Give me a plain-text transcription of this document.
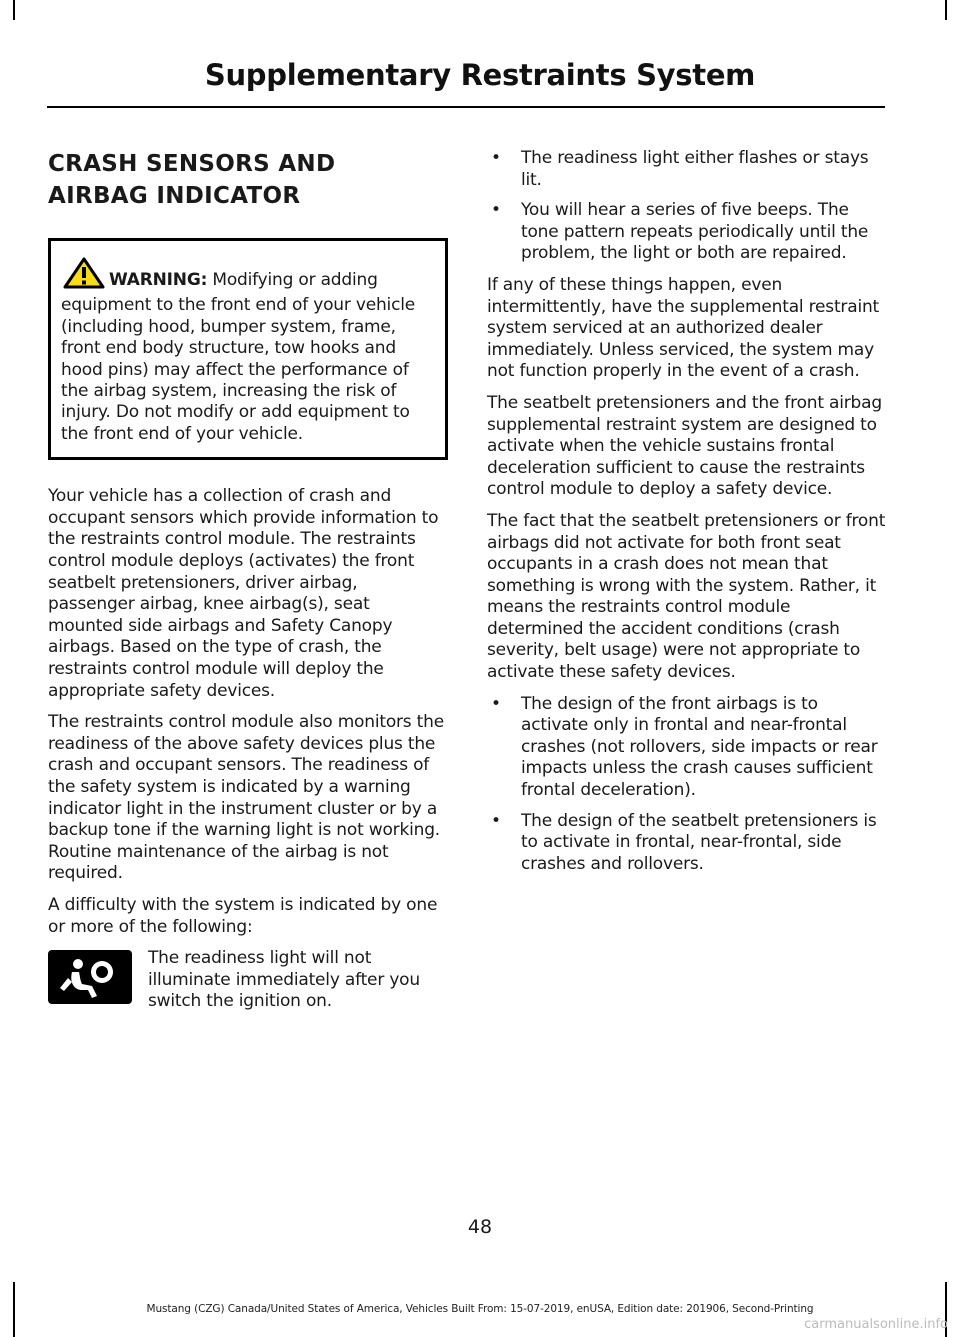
Supplementary Restraints System
CRASH SENSORS AND
AIRBAG INDICATOR
WARNING: Modifying or adding equipment to the front end of your vehicle (including hood, bumper system, frame, front end body structure, tow hooks and hood pins) may affect the performance of the airbag system, increasing the risk of injury. Do not modify or add equipment to the front end of your vehicle.

Your vehicle has a collection of crash and occupant sensors which provide information to the restraints control module. The restraints control module deploys (activates) the front seatbelt pretensioners, driver airbag, passenger airbag, knee airbag(s), seat mounted side airbags and Safety Canopy airbags. Based on the type of crash, the restraints control module will deploy the appropriate safety devices.

The restraints control module also monitors the readiness of the above safety devices plus the crash and occupant sensors. The readiness of the safety system is indicated by a warning indicator light in the instrument cluster or by a backup tone if the warning light is not working. Routine maintenance of the airbag is not required.

A difficulty with the system is indicated by one or more of the following:

The readiness light will not illuminate immediately after you switch the ignition on.

• The readiness light either flashes or stays lit.
• You will hear a series of five beeps. The tone pattern repeats periodically until the problem, the light or both are repaired.

If any of these things happen, even intermittently, have the supplemental restraint system serviced at an authorized dealer immediately. Unless serviced, the system may not function properly in the event of a crash.

The seatbelt pretensioners and the front airbag supplemental restraint system are designed to activate when the vehicle sustains frontal deceleration sufficient to cause the restraints control module to deploy a safety device.

The fact that the seatbelt pretensioners or front airbags did not activate for both front seat occupants in a crash does not mean that something is wrong with the system. Rather, it means the restraints control module determined the accident conditions (crash severity, belt usage) were not appropriate to activate these safety devices.

• The design of the front airbags is to activate only in frontal and near-frontal crashes (not rollovers, side impacts or rear impacts unless the crash causes sufficient frontal deceleration).
• The design of the seatbelt pretensioners is to activate in frontal, near-frontal, side crashes and rollovers.
48
Mustang (CZG) Canada/United States of America, Vehicles Built From: 15-07-2019, enUSA, Edition date: 201906, Second-Printing
carmanualsonline.info
